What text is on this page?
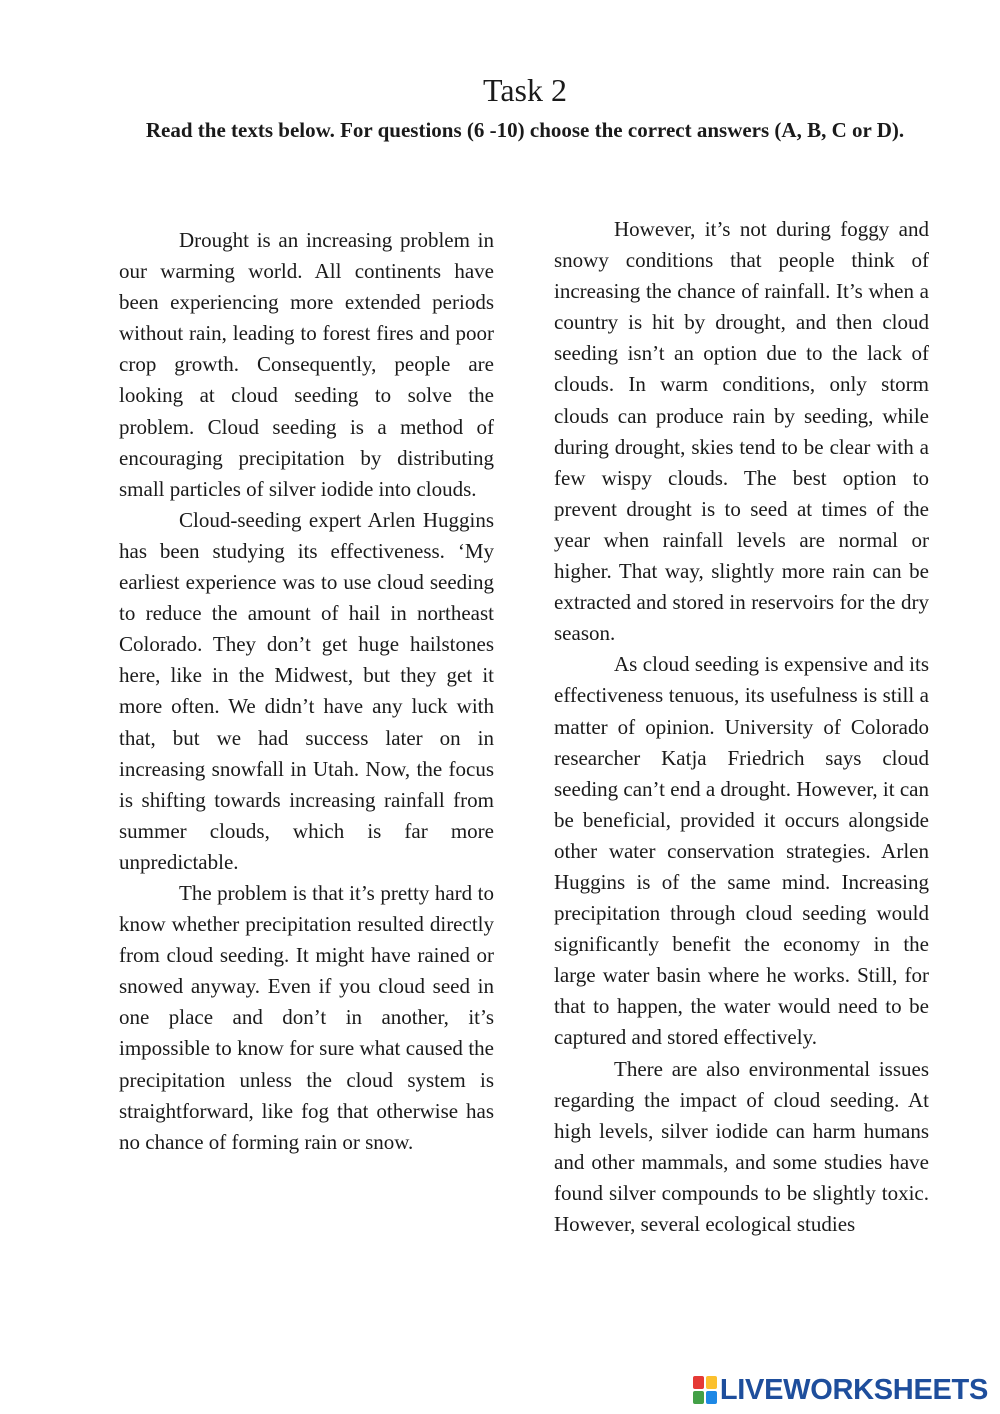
Task 2
Read the texts below. For questions (6 -10) choose the correct answers (A, B, C or D).

Drought is an increasing problem in our warming world. All continents have been experiencing more extended periods without rain, leading to forest fires and poor crop growth. Consequently, people are looking at cloud seeding to solve the problem. Cloud seeding is a method of encouraging precipitation by distributing small particles of silver iodide into clouds.

Cloud-seeding expert Arlen Huggins has been studying its effectiveness. ‘My earliest experience was to use cloud seeding to reduce the amount of hail in northeast Colorado. They don’t get huge hailstones here, like in the Midwest, but they get it more often. We didn’t have any luck with that, but we had success later on in increasing snowfall in Utah. Now, the focus is shifting towards increasing rainfall from summer clouds, which is far more unpredictable.

The problem is that it’s pretty hard to know whether precipitation resulted directly from cloud seeding. It might have rained or snowed anyway. Even if you cloud seed in one place and don’t in another, it’s impossible to know for sure what caused the precipitation unless the cloud system is straightforward, like fog that otherwise has no chance of forming rain or snow.

However, it’s not during foggy and snowy conditions that people think of increasing the chance of rainfall. It’s when a country is hit by drought, and then cloud seeding isn’t an option due to the lack of clouds. In warm conditions, only storm clouds can produce rain by seeding, while during drought, skies tend to be clear with a few wispy clouds. The best option to prevent drought is to seed at times of the year when rainfall levels are normal or higher. That way, slightly more rain can be extracted and stored in reservoirs for the dry season.

As cloud seeding is expensive and its effectiveness tenuous, its usefulness is still a matter of opinion. University of Colorado researcher Katja Friedrich says cloud seeding can’t end a drought. However, it can be beneficial, provided it occurs alongside other water conservation strategies. Arlen Huggins is of the same mind. Increasing precipitation through cloud seeding would significantly benefit the economy in the large water basin where he works. Still, for that to happen, the water would need to be captured and stored effectively.

There are also environmental issues regarding the impact of cloud seeding. At high levels, silver iodide can harm humans and other mammals, and some studies have found silver compounds to be slightly toxic. However, several ecological studies

LIVEWORKSHEETS
